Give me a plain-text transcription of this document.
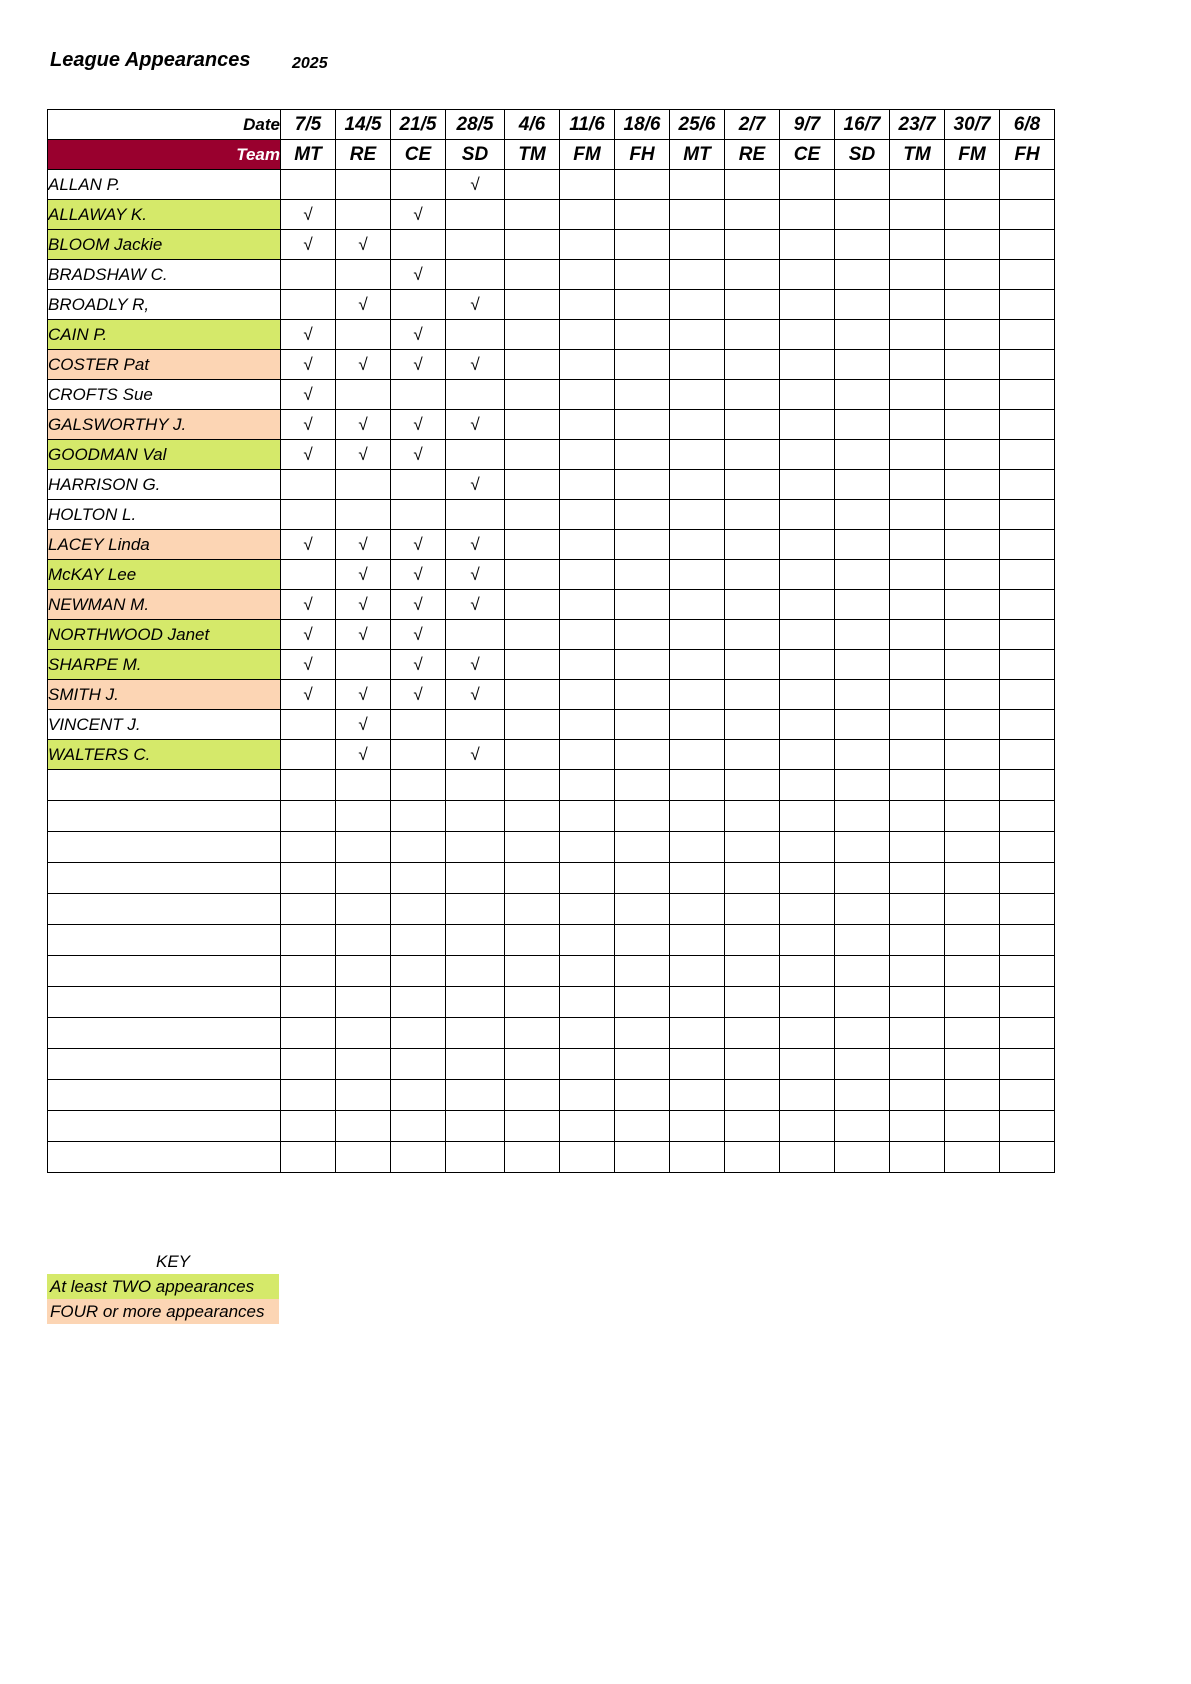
League Appearances	2025
Date	7/5	14/5	21/5	28/5	4/6	11/6	18/6	25/6	2/7	9/7	16/7	23/7	30/7	6/8
Team	MT	RE	CE	SD	TM	FM	FH	MT	RE	CE	SD	TM	FM	FH
ALLAN P.				√										
ALLAWAY K.	√		√											
BLOOM Jackie	√	√												
BRADSHAW C.			√											
BROADLY R,		√		√										
CAIN P.	√		√											
COSTER Pat	√	√	√	√										
CROFTS Sue	√													
GALSWORTHY J.	√	√	√	√										
GOODMAN Val	√	√	√											
HARRISON G.				√										
HOLTON L.														
LACEY Linda	√	√	√	√										
McKAY Lee		√	√	√										
NEWMAN M.	√	√	√	√										
NORTHWOOD Janet	√	√	√											
SHARPE M.	√		√	√										
SMITH J.	√	√	√	√										
VINCENT J.		√												
WALTERS C.		√		√										

KEY
At least TWO appearances
FOUR or more appearances
